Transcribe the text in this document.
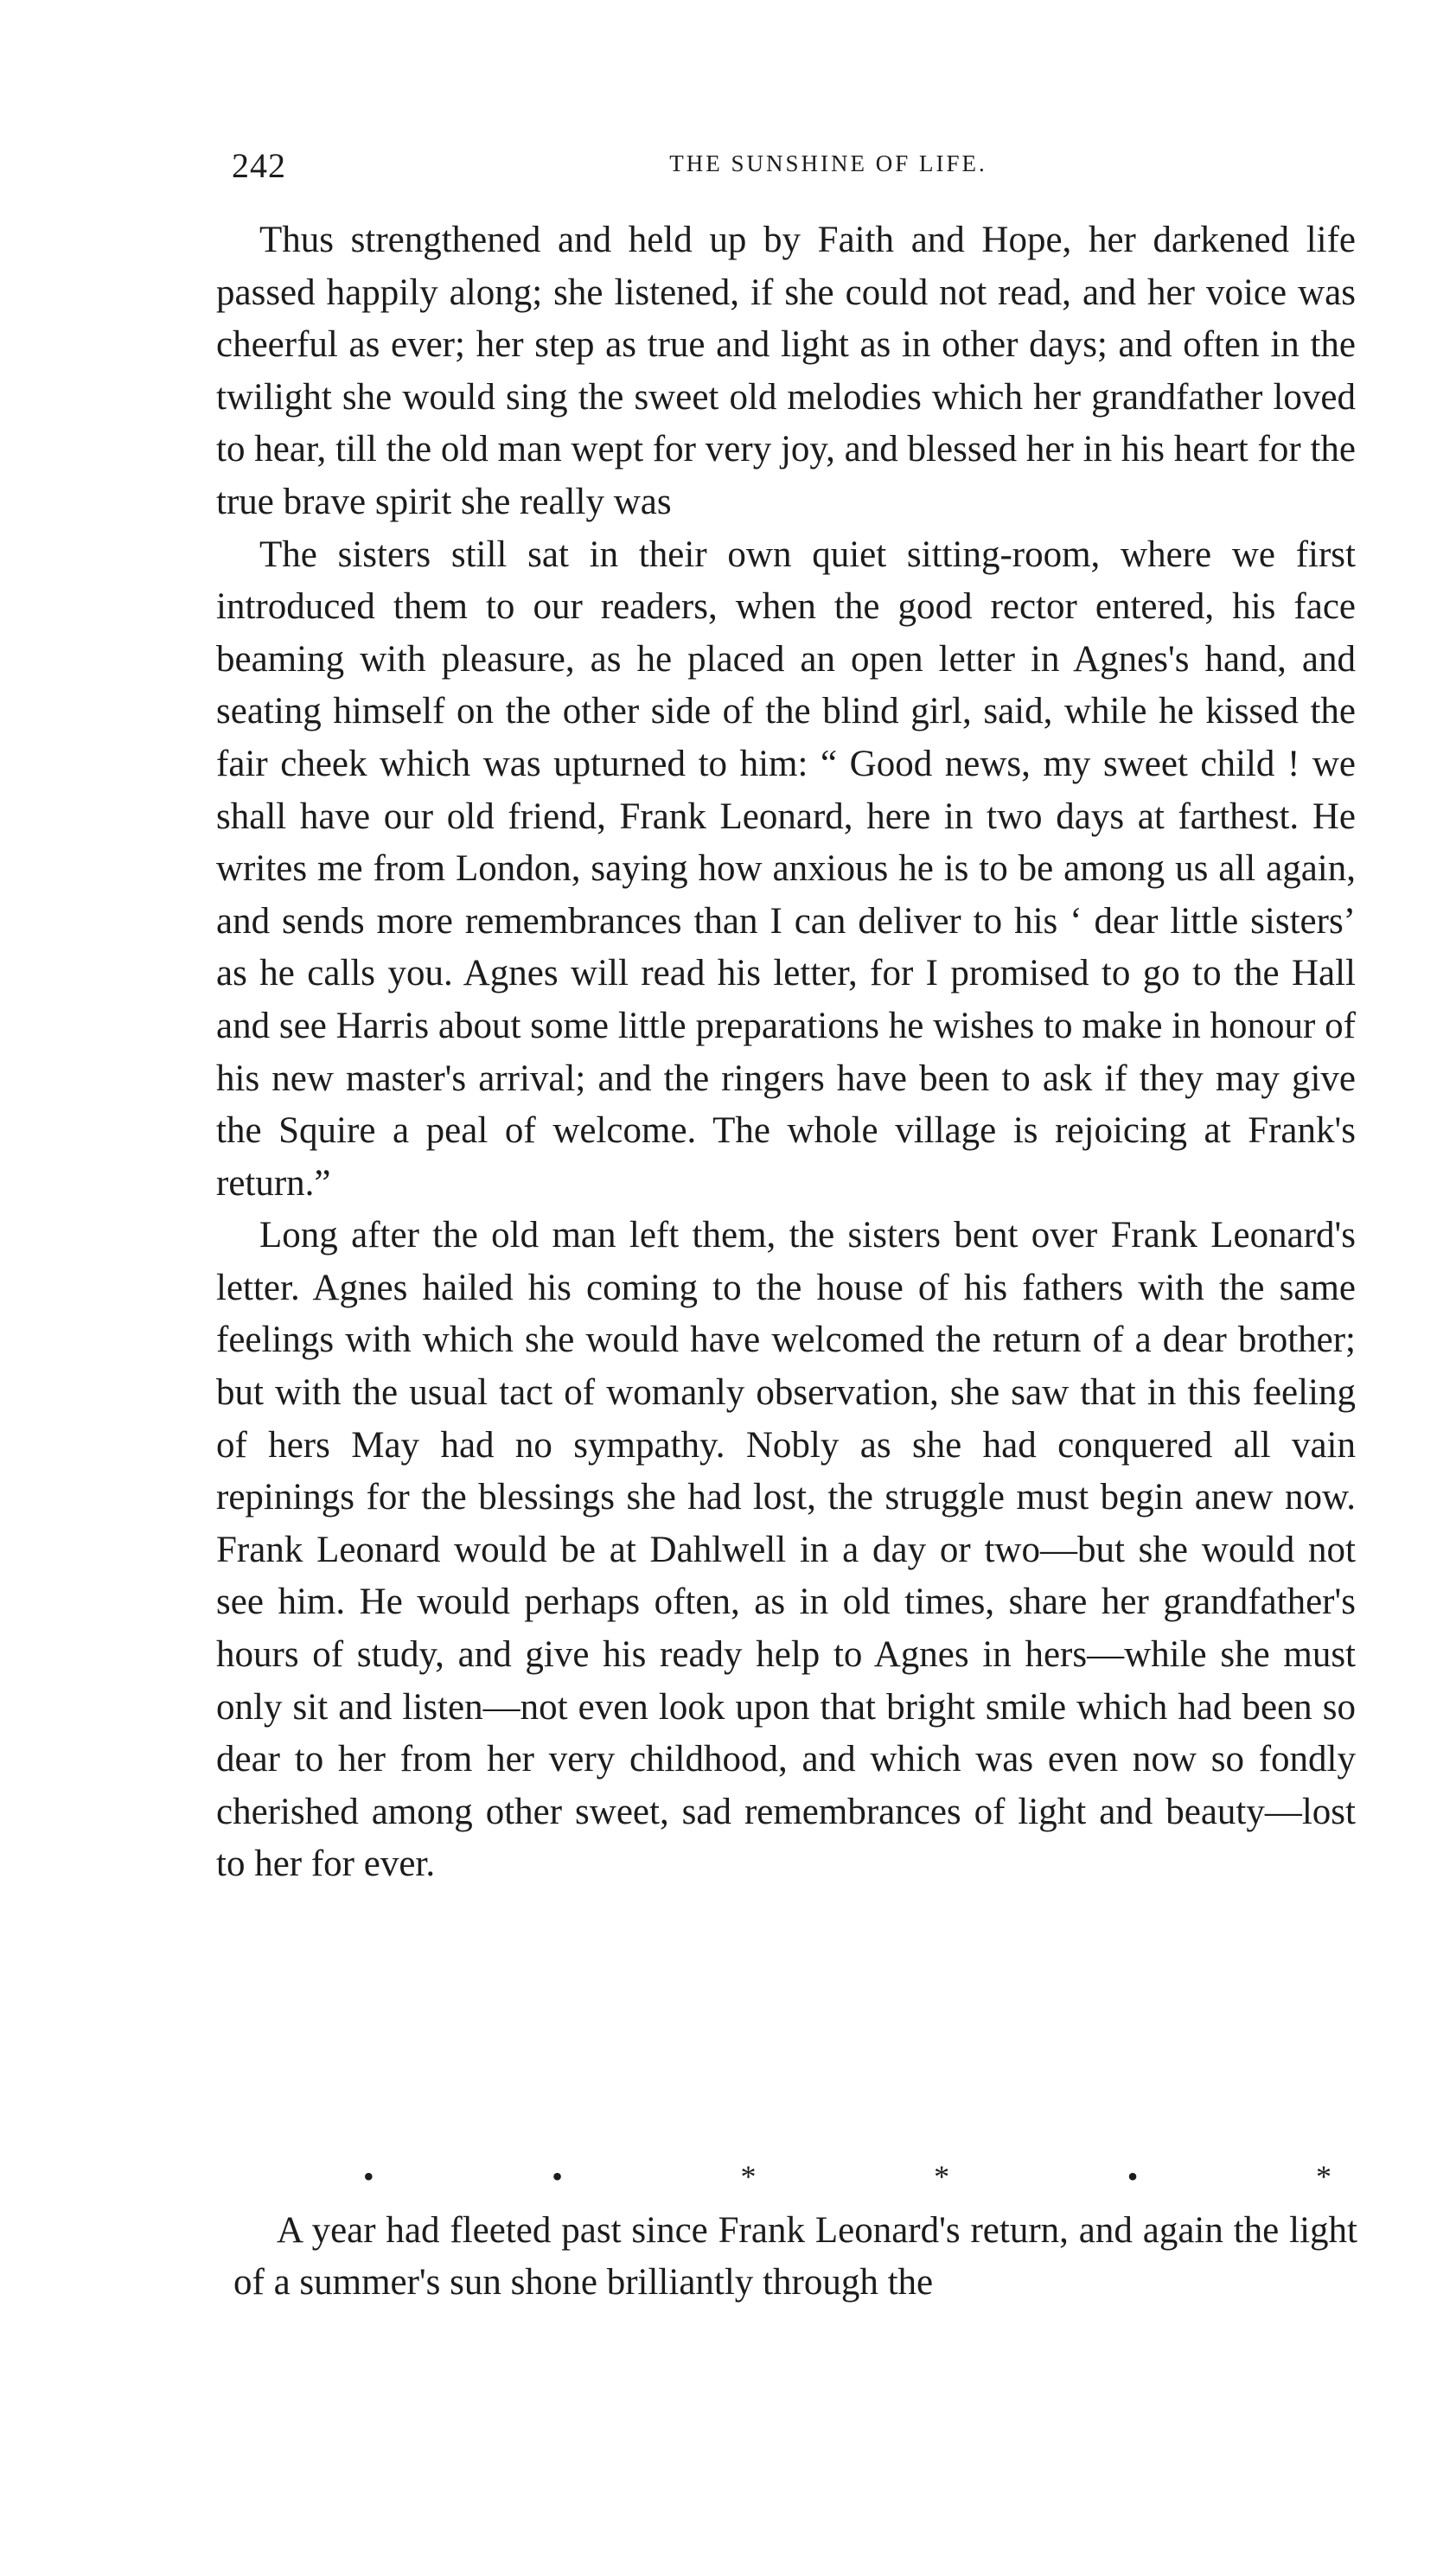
242	THE SUNSHINE OF LIFE.

Thus strengthened and held up by Faith and Hope, her darkened life passed happily along; she listened, if she could not read, and her voice was cheerful as ever; her step as true and light as in other days; and often in the twilight she would sing the sweet old melodies which her grandfather loved to hear, till the old man wept for very joy, and blessed her in his heart for the true brave spirit she really was

The sisters still sat in their own quiet sitting-room, where we first introduced them to our readers, when the good rector entered, his face beaming with pleasure, as he placed an open letter in Agnes's hand, and seating himself on the other side of the blind girl, said, while he kissed the fair cheek which was upturned to him: “ Good news, my sweet child ! we shall have our old friend, Frank Leonard, here in two days at farthest. He writes me from London, saying how anxious he is to be among us all again, and sends more remembrances than I can deliver to his ‘ dear little sisters’ as he calls you. Agnes will read his letter, for I promised to go to the Hall and see Harris about some little preparations he wishes to make in honour of his new master's arrival; and the ringers have been to ask if they may give the Squire a peal of welcome. The whole village is rejoicing at Frank's return.”

Long after the old man left them, the sisters bent over Frank Leonard's letter. Agnes hailed his coming to the house of his fathers with the same feelings with which she would have welcomed the return of a dear brother; but with the usual tact of womanly observation, she saw that in this feeling of hers May had no sympathy. Nobly as she had conquered all vain repinings for the blessings she had lost, the struggle must begin anew now. Frank Leonard would be at Dahlwell in a day or two—but she would not see him. He would perhaps often, as in old times, share her grandfather's hours of study, and give his ready help to Agnes in hers—while she must only sit and listen—not even look upon that bright smile which had been so dear to her from her very childhood, and which was even now so fondly cherished among other sweet, sad remembrances of light and beauty—lost to her for ever.

•	•	*	*	•	*

A year had fleeted past since Frank Leonard's return, and again the light of a summer's sun shone brilliantly through the
